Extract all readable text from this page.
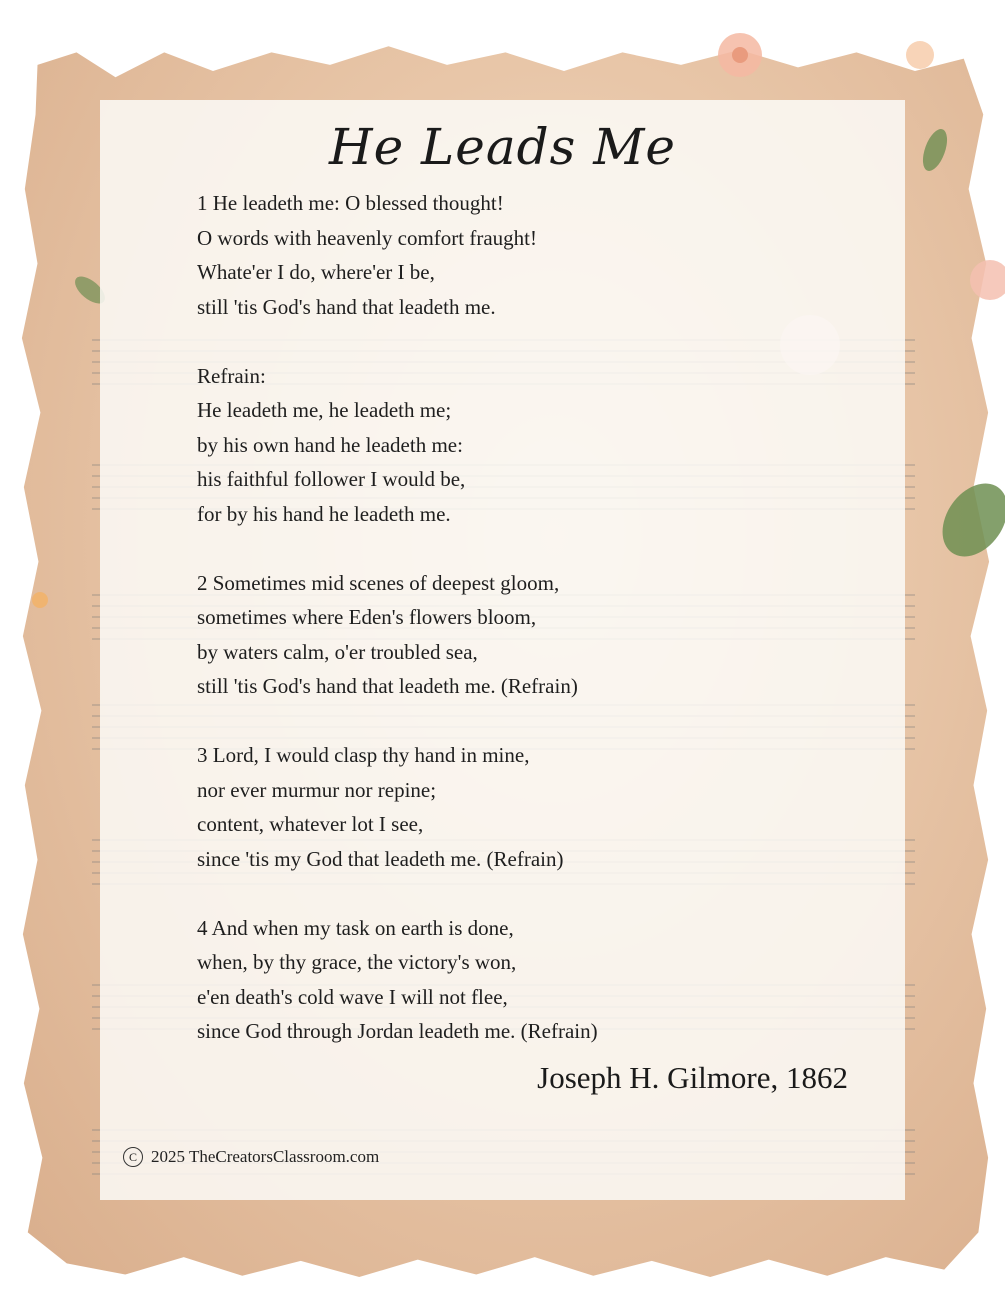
He Leads Me
1 He leadeth me: O blessed thought!
O words with heavenly comfort fraught!
Whate'er I do, where'er I be,
still 'tis God's hand that leadeth me.
Refrain:
He leadeth me, he leadeth me;
by his own hand he leadeth me:
his faithful follower I would be,
for by his hand he leadeth me.
2 Sometimes mid scenes of deepest gloom,
sometimes where Eden's flowers bloom,
by waters calm, o'er troubled sea,
still 'tis God's hand that leadeth me. (Refrain)
3 Lord, I would clasp thy hand in mine,
nor ever murmur nor repine;
content, whatever lot I see,
since 'tis my God that leadeth me. (Refrain)
4 And when my task on earth is done,
when, by thy grace, the victory's won,
e'en death's cold wave I will not flee,
since God through Jordan leadeth me. (Refrain)
Joseph H. Gilmore, 1862
C 2025 TheCreatorsClassroom.com
